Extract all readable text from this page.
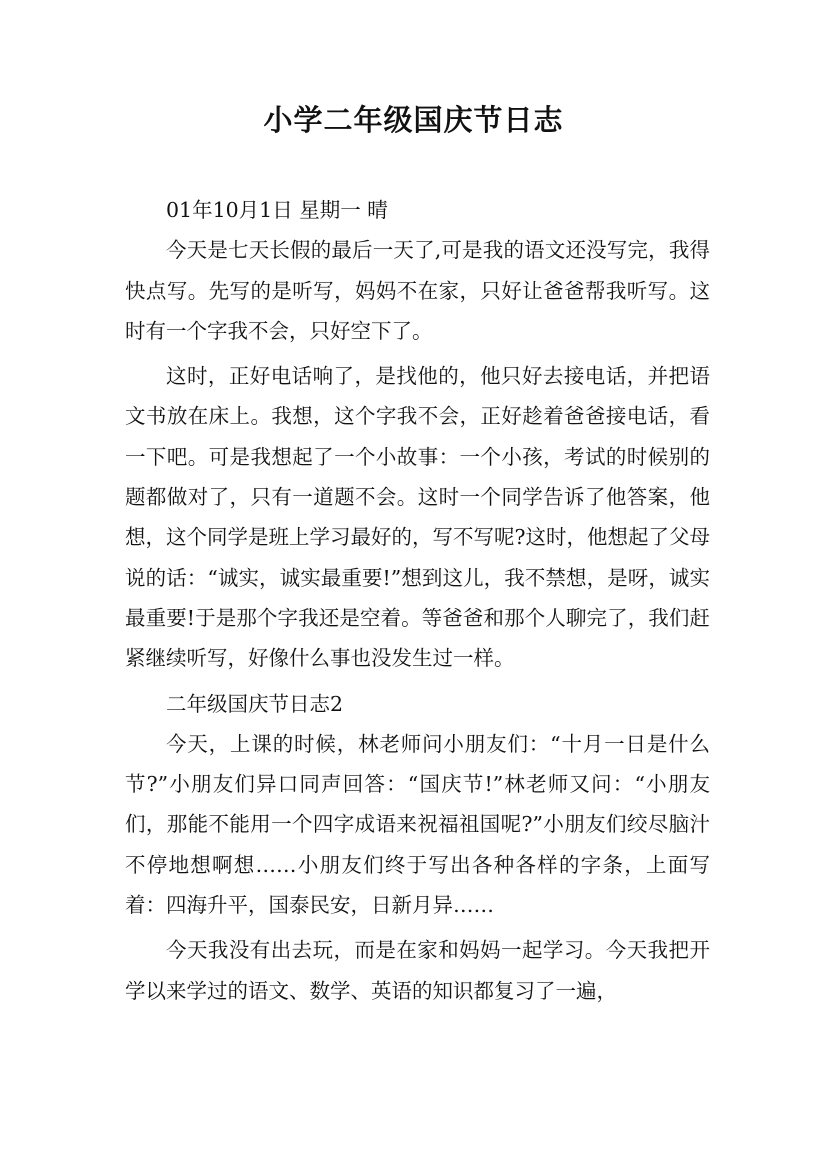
小学二年级国庆节日志

01年10月1日 星期一 晴

今天是七天长假的最后一天了,可是我的语文还没写完，我得快点写。先写的是听写，妈妈不在家，只好让爸爸帮我听写。这时有一个字我不会，只好空下了。

这时，正好电话响了，是找他的，他只好去接电话，并把语文书放在床上。我想，这个字我不会，正好趁着爸爸接电话，看一下吧。可是我想起了一个小故事：一个小孩，考试的时候别的题都做对了，只有一道题不会。这时一个同学告诉了他答案，他想，这个同学是班上学习最好的，写不写呢?这时，他想起了父母说的话：“诚实，诚实最重要!”想到这儿，我不禁想，是呀，诚实最重要!于是那个字我还是空着。等爸爸和那个人聊完了，我们赶紧继续听写，好像什么事也没发生过一样。

二年级国庆节日志2

今天，上课的时候，林老师问小朋友们：“十月一日是什么节?”小朋友们异口同声回答：“国庆节!”林老师又问：“小朋友们，那能不能用一个四字成语来祝福祖国呢?”小朋友们绞尽脑汁不停地想啊想……小朋友们终于写出各种各样的字条，上面写着：四海升平，国泰民安，日新月异……

今天我没有出去玩，而是在家和妈妈一起学习。今天我把开学以来学过的语文、数学、英语的知识都复习了一遍，
